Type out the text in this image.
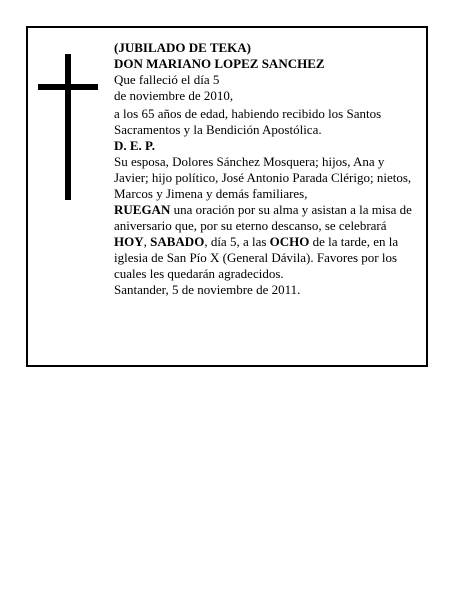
(JUBILADO DE TEKA)

DON MARIANO LOPEZ SANCHEZ

Que falleció el día 5

de noviembre de 2010,

a los 65 años de edad, habiendo recibido los Santos Sacramentos y la Bendición Apostólica.

D. E. P.

Su esposa, Dolores Sánchez Mosquera; hijos, Ana y Javier; hijo político, José Antonio Parada Clérigo; nietos, Marcos y Jimena y demás familiares,

RUEGAN una oración por su alma y asistan a la misa de aniversario que, por su eterno descanso, se celebrará HOY, SABADO, día 5, a las OCHO de la tarde, en la iglesia de San Pío X (General Dávila). Favores por los cuales les quedarán agradecidos.

Santander, 5 de noviembre de 2011.
